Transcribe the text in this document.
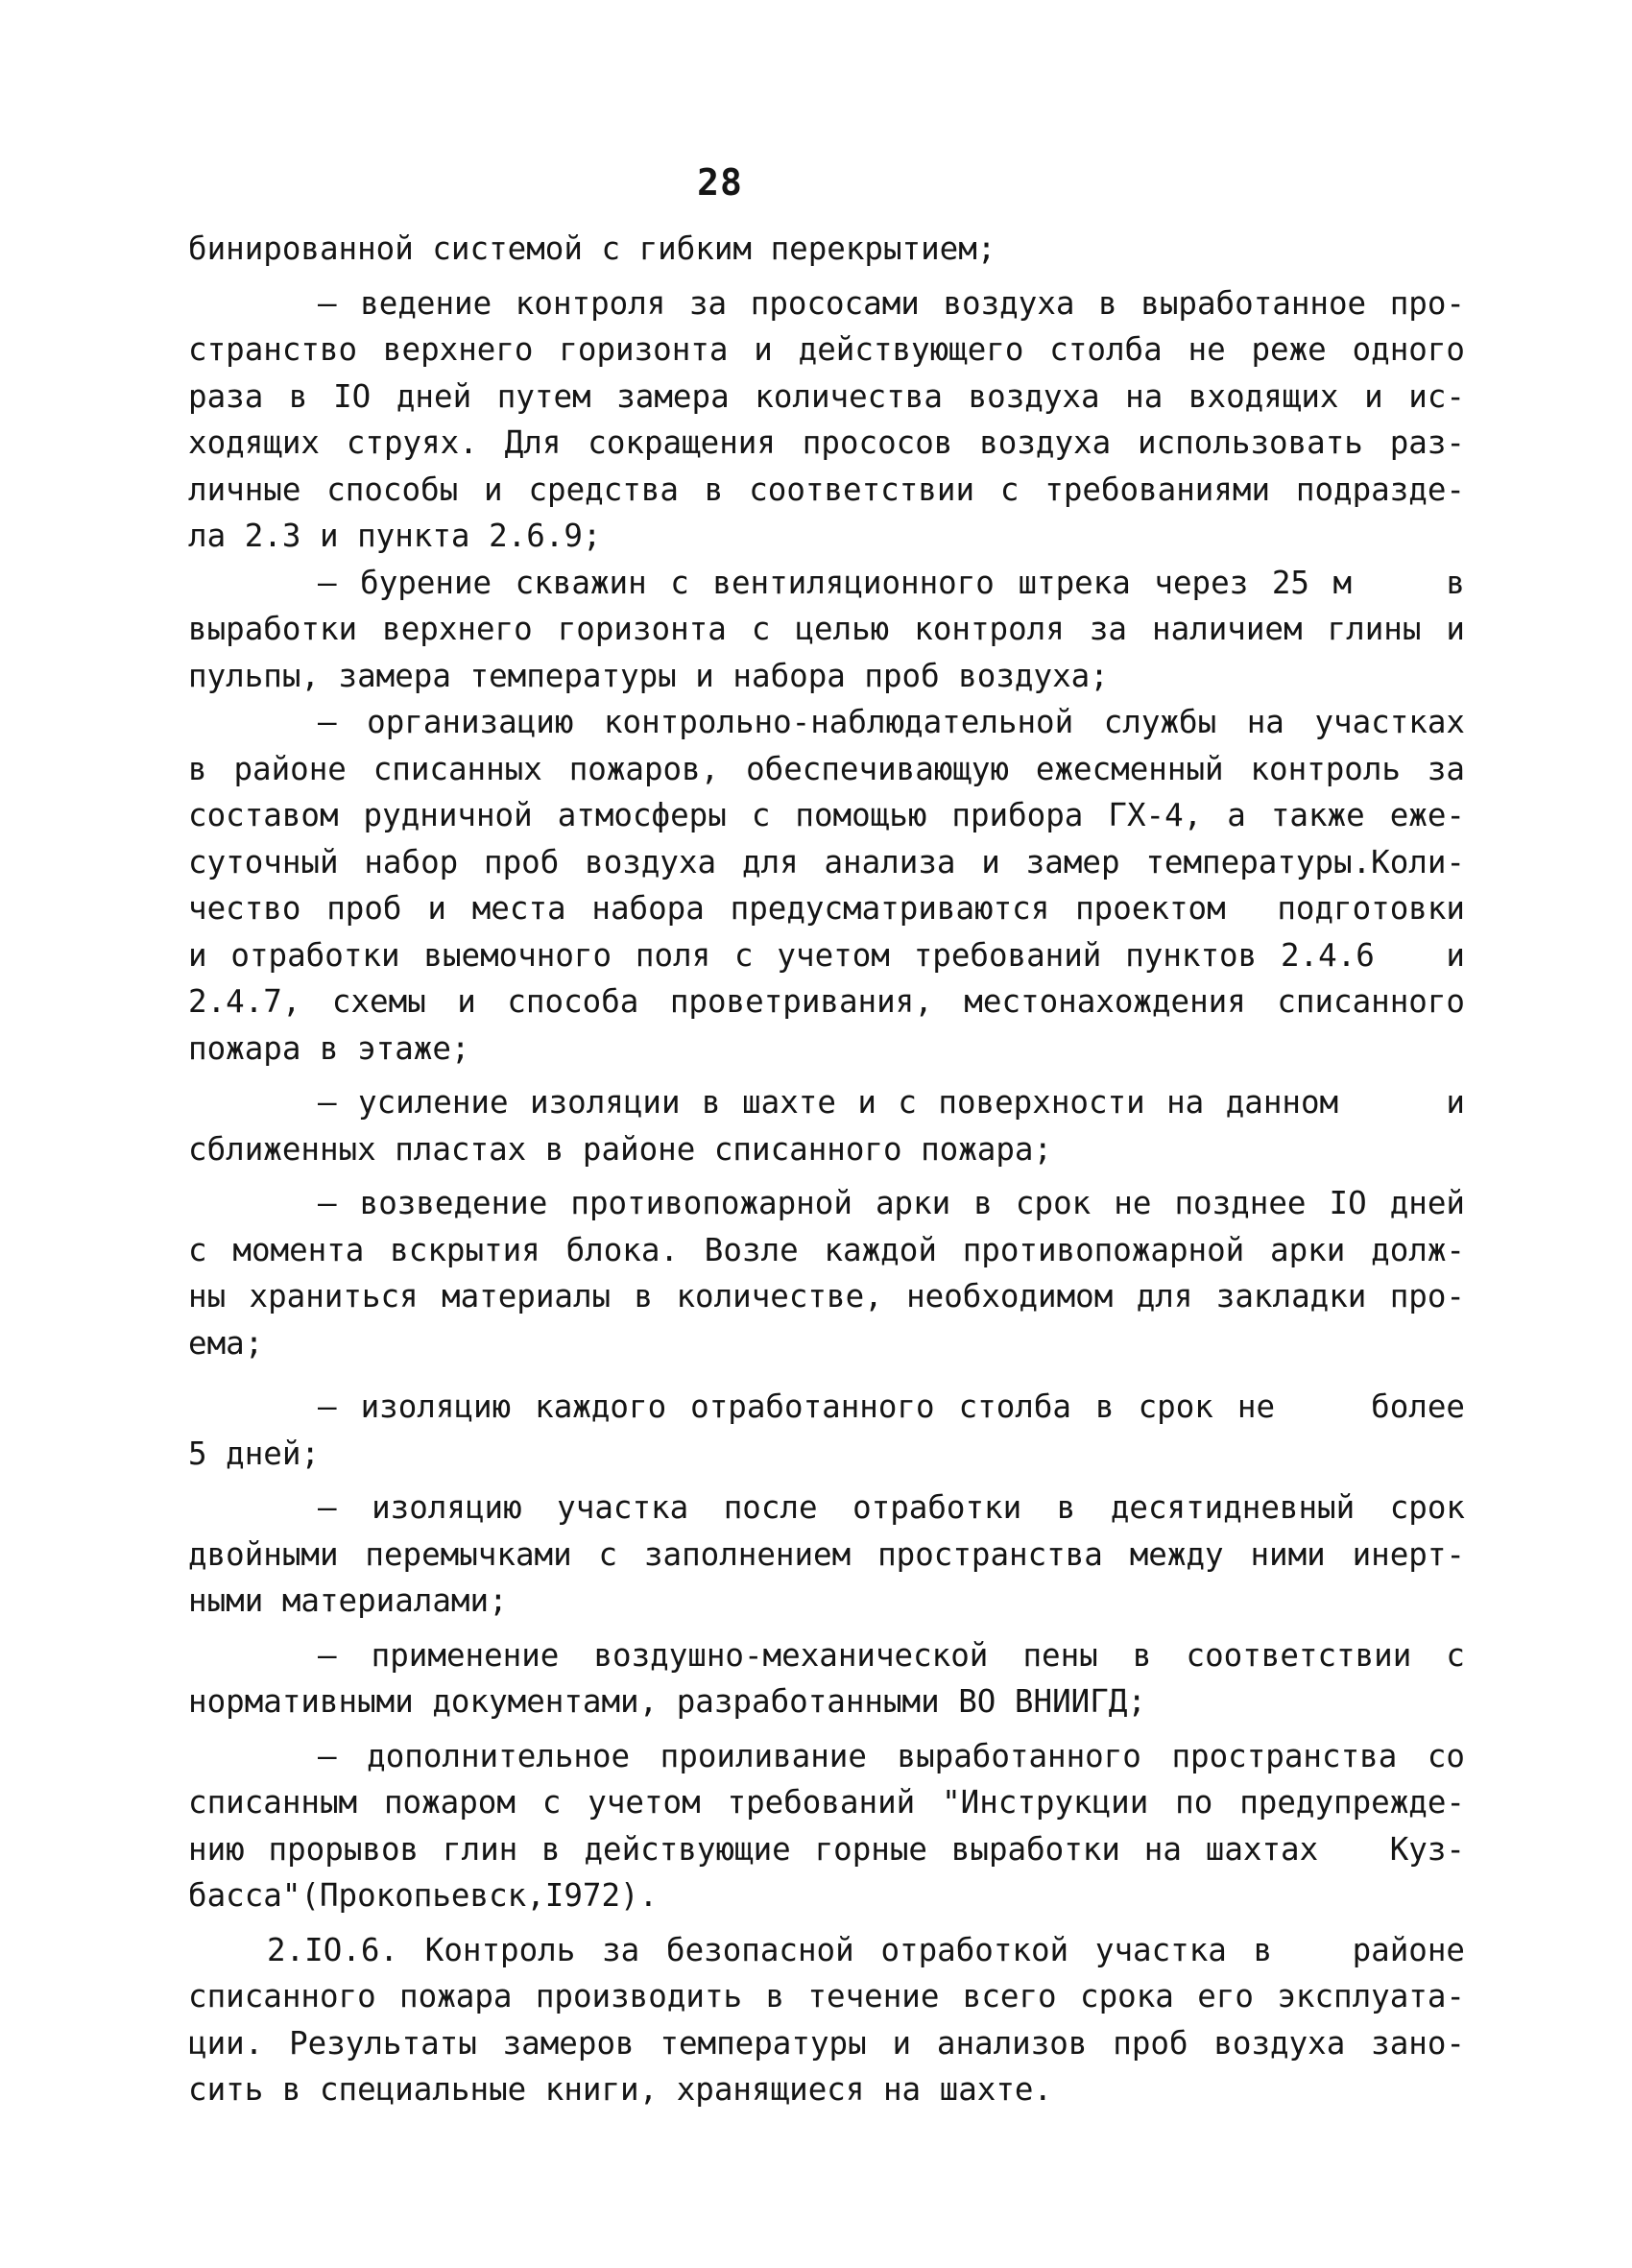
28
бинированной системой с гибким перекрытием;
– ведение контроля за прососами воздуха в выработанное про-
странство верхнего горизонта и действующего столба не реже одного
раза в IO дней путем замера количества воздуха на входящих и ис-
ходящих струях. Для сокращения прососов воздуха использовать раз-
личные способы и средства в соответствии с требованиями подразде-
ла 2.3 и пункта 2.6.9;
– бурение скважин с вентиляционного штрека через 25 м    в
выработки верхнего горизонта с целью контроля за наличием глины и
пульпы, замера температуры и набора проб воздуха;
– организацию контрольно-наблюдательной службы на участках
в районе списанных пожаров, обеспечивающую ежесменный контроль за
составом рудничной атмосферы с помощью прибора ГХ-4, а также еже-
суточный набор проб воздуха для анализа и замер температуры.Коли-
чество проб и места набора предусматриваются проектом  подготовки
и отработки выемочного поля с учетом требований пунктов 2.4.6   и
2.4.7, схемы и способа проветривания, местонахождения списанного
пожара в этаже;
– усиление изоляции в шахте и с поверхности на данном     и
сближенных пластах в районе списанного пожара;
– возведение противопожарной арки в срок не позднее IO дней
с момента вскрытия блока. Возле каждой противопожарной арки долж-
ны храниться материалы в количестве, необходимом для закладки про-
ема;
– изоляцию каждого отработанного столба в срок не    более
5 дней;
– изоляцию участка после отработки в десятидневный срок
двойными перемычками с заполнением пространства между ними инерт-
ными материалами;
– применение воздушно-механической пены в соответствии с
нормативными документами, разработанными ВО ВНИИГД;
– дополнительное проиливание выработанного пространства со
списанным пожаром с учетом требований "Инструкции по предупрежде-
нию прорывов глин в действующие горные выработки на шахтах   Куз-
басса"(Прокопьевск,I972).
2.IO.6. Контроль за безопасной отработкой участка в   районе
списанного пожара производить в течение всего срока его эксплуата-
ции. Результаты замеров температуры и анализов проб воздуха зано-
сить в специальные книги, хранящиеся на шахте.
